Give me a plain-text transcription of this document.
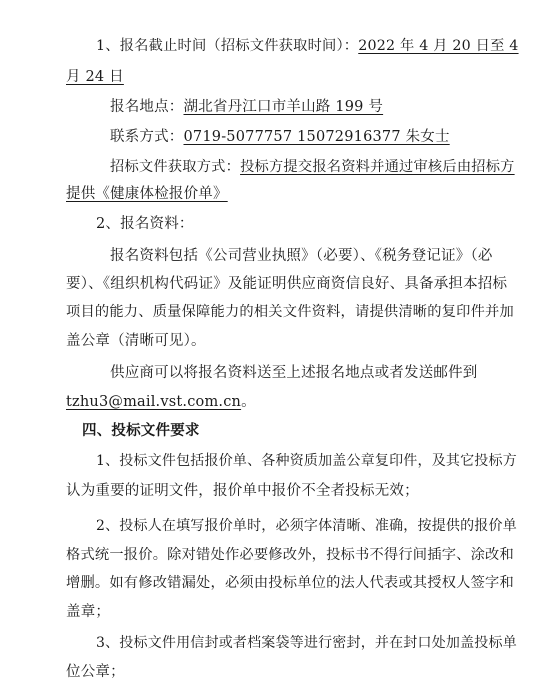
1、报名截止时间（招标文件获取时间）：2022 年 4 月 20 日至 4
月 24 日
报名地点：湖北省丹江口市羊山路 199 号
联系方式：0719-5077757 15072916377 朱女士
招标文件获取方式：投标方提交报名资料并通过审核后由招标方
提供《健康体检报价单》
2、报名资料：
报名资料包括《公司营业执照》（必要）、《税务登记证》（必
要）、《组织机构代码证》及能证明供应商资信良好、具备承担本招标
项目的能力、质量保障能力的相关文件资料，请提供清晰的复印件并加
盖公章（清晰可见）。
供应商可以将报名资料送至上述报名地点或者发送邮件到
tzhu3@mail.vst.com.cn。
四、投标文件要求
1、投标文件包括报价单、各种资质加盖公章复印件，及其它投标方
认为重要的证明文件，报价单中报价不全者投标无效；
2、投标人在填写报价单时，必须字体清晰、准确，按提供的报价单
格式统一报价。除对错处作必要修改外，投标书不得行间插字、涂改和
增删。如有修改错漏处，必须由投标单位的法人代表或其授权人签字和
盖章；
3、投标文件用信封或者档案袋等进行密封，并在封口处加盖投标单
位公章；
